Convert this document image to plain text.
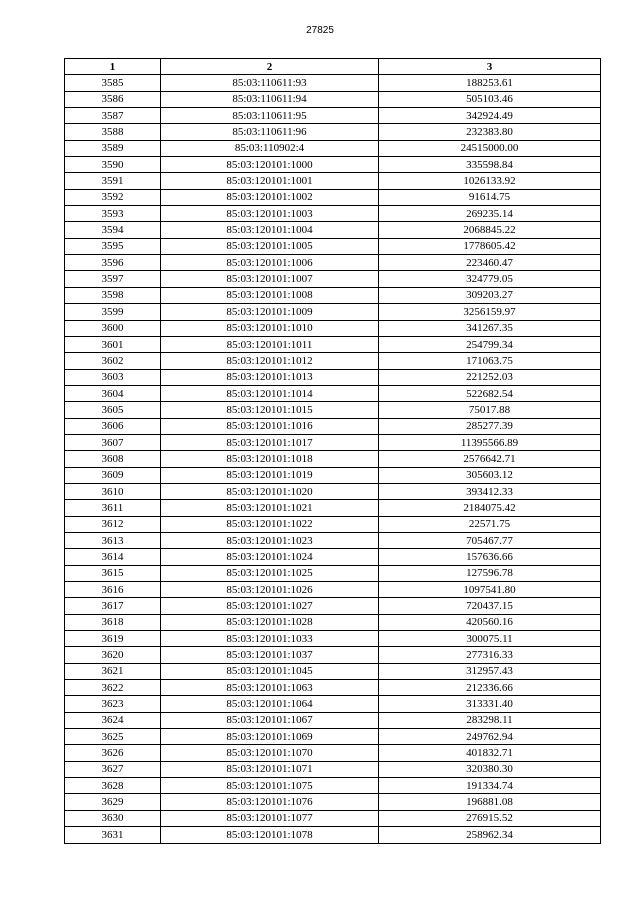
27825
1	2	3
3585	85:03:110611:93	188253.61
3586	85:03:110611:94	505103.46
3587	85:03:110611:95	342924.49
3588	85:03:110611:96	232383.80
3589	85:03:110902:4	24515000.00
3590	85:03:120101:1000	335598.84
3591	85:03:120101:1001	1026133.92
3592	85:03:120101:1002	91614.75
3593	85:03:120101:1003	269235.14
3594	85:03:120101:1004	2068845.22
3595	85:03:120101:1005	1778605.42
3596	85:03:120101:1006	223460.47
3597	85:03:120101:1007	324779.05
3598	85:03:120101:1008	309203.27
3599	85:03:120101:1009	3256159.97
3600	85:03:120101:1010	341267.35
3601	85:03:120101:1011	254799.34
3602	85:03:120101:1012	171063.75
3603	85:03:120101:1013	221252.03
3604	85:03:120101:1014	522682.54
3605	85:03:120101:1015	75017.88
3606	85:03:120101:1016	285277.39
3607	85:03:120101:1017	11395566.89
3608	85:03:120101:1018	2576642.71
3609	85:03:120101:1019	305603.12
3610	85:03:120101:1020	393412.33
3611	85:03:120101:1021	2184075.42
3612	85:03:120101:1022	22571.75
3613	85:03:120101:1023	705467.77
3614	85:03:120101:1024	157636.66
3615	85:03:120101:1025	127596.78
3616	85:03:120101:1026	1097541.80
3617	85:03:120101:1027	720437.15
3618	85:03:120101:1028	420560.16
3619	85:03:120101:1033	300075.11
3620	85:03:120101:1037	277316.33
3621	85:03:120101:1045	312957.43
3622	85:03:120101:1063	212336.66
3623	85:03:120101:1064	313331.40
3624	85:03:120101:1067	283298.11
3625	85:03:120101:1069	249762.94
3626	85:03:120101:1070	401832.71
3627	85:03:120101:1071	320380.30
3628	85:03:120101:1075	191334.74
3629	85:03:120101:1076	196881.08
3630	85:03:120101:1077	276915.52
3631	85:03:120101:1078	258962.34
